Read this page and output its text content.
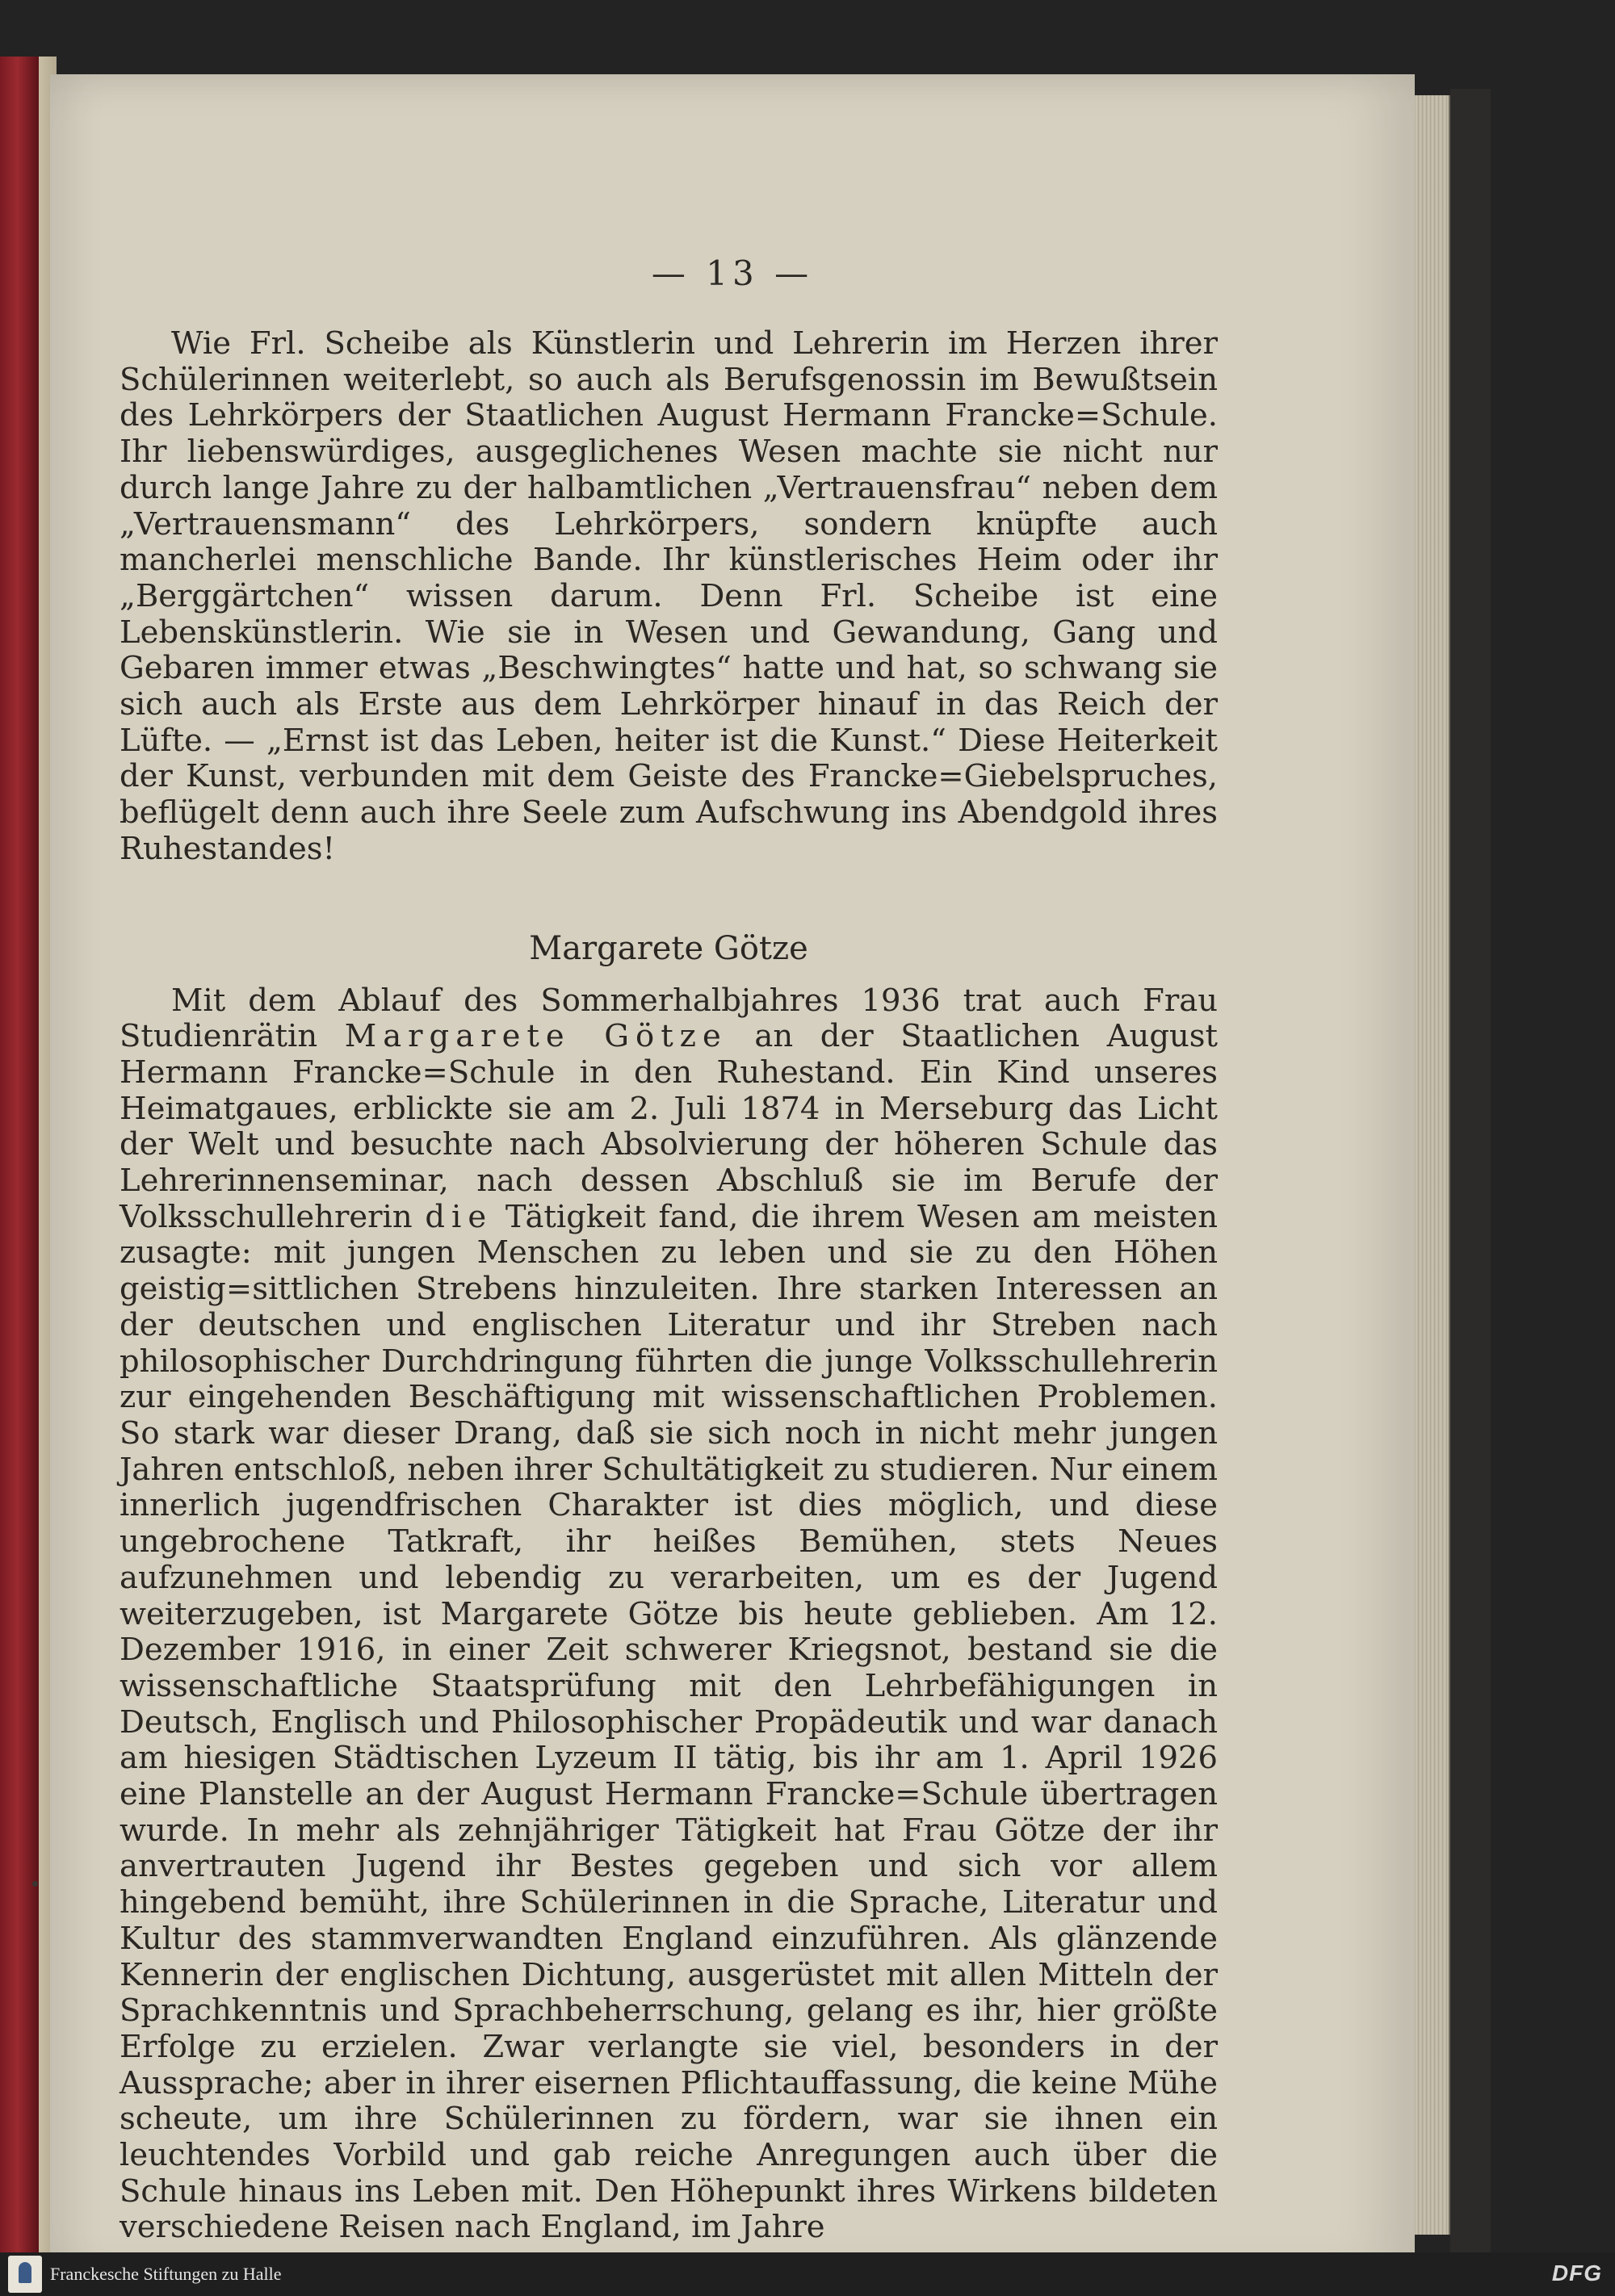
— 13 —

Wie Frl. Scheibe als Künstlerin und Lehrerin im Herzen ihrer Schülerinnen weiterlebt, so auch als Berufsgenossin im Bewußtsein des Lehrkörpers der Staatlichen August Hermann Francke=Schule. Ihr liebenswürdiges, ausgeglichenes Wesen machte sie nicht nur durch lange Jahre zu der halbamtlichen „Vertrauensfrau“ neben dem „Vertrauensmann“ des Lehrkörpers, sondern knüpfte auch mancherlei menschliche Bande. Ihr künstlerisches Heim oder ihr „Berggärtchen“ wissen darum. Denn Frl. Scheibe ist eine Lebenskünstlerin. Wie sie in Wesen und Gewandung, Gang und Gebaren immer etwas „Beschwingtes“ hatte und hat, so schwang sie sich auch als Erste aus dem Lehrkörper hinauf in das Reich der Lüfte. — „Ernst ist das Leben, heiter ist die Kunst.“ Diese Heiterkeit der Kunst, verbunden mit dem Geiste des Francke=Giebelspruches, beflügelt denn auch ihre Seele zum Aufschwung ins Abendgold ihres Ruhestandes!

Margarete Götze

Mit dem Ablauf des Sommerhalbjahres 1936 trat auch Frau Studienrätin Margarete Götze an der Staatlichen August Hermann Francke=Schule in den Ruhestand. Ein Kind unseres Heimatgaues, erblickte sie am 2. Juli 1874 in Merseburg das Licht der Welt und besuchte nach Absolvierung der höheren Schule das Lehrerinnenseminar, nach dessen Abschluß sie im Berufe der Volksschullehrerin die Tätigkeit fand, die ihrem Wesen am meisten zusagte: mit jungen Menschen zu leben und sie zu den Höhen geistig=sittlichen Strebens hinzuleiten. Ihre starken Interessen an der deutschen und englischen Literatur und ihr Streben nach philosophischer Durchdringung führten die junge Volksschullehrerin zur eingehenden Beschäftigung mit wissenschaftlichen Problemen. So stark war dieser Drang, daß sie sich noch in nicht mehr jungen Jahren entschloß, neben ihrer Schultätigkeit zu studieren. Nur einem innerlich jugendfrischen Charakter ist dies möglich, und diese ungebrochene Tatkraft, ihr heißes Bemühen, stets Neues aufzunehmen und lebendig zu verarbeiten, um es der Jugend weiterzugeben, ist Margarete Götze bis heute geblieben. Am 12. Dezember 1916, in einer Zeit schwerer Kriegsnot, bestand sie die wissenschaftliche Staatsprüfung mit den Lehrbefähigungen in Deutsch, Englisch und Philosophischer Propädeutik und war danach am hiesigen Städtischen Lyzeum II tätig, bis ihr am 1. April 1926 eine Planstelle an der August Hermann Francke=Schule übertragen wurde. In mehr als zehnjähriger Tätigkeit hat Frau Götze der ihr anvertrauten Jugend ihr Bestes gegeben und sich vor allem hingebend bemüht, ihre Schülerinnen in die Sprache, Literatur und Kultur des stammverwandten England einzuführen. Als glänzende Kennerin der englischen Dichtung, ausgerüstet mit allen Mitteln der Sprachkenntnis und Sprachbeherrschung, gelang es ihr, hier größte Erfolge zu erzielen. Zwar verlangte sie viel, besonders in der Aussprache; aber in ihrer eisernen Pflichtauffassung, die keine Mühe scheute, um ihre Schülerinnen zu fördern, war sie ihnen ein leuchtendes Vorbild und gab reiche Anregungen auch über die Schule hinaus ins Leben mit. Den Höhepunkt ihres Wirkens bildeten verschiedene Reisen nach England, im Jahre

Franckesche Stiftungen zu Halle	DFG
